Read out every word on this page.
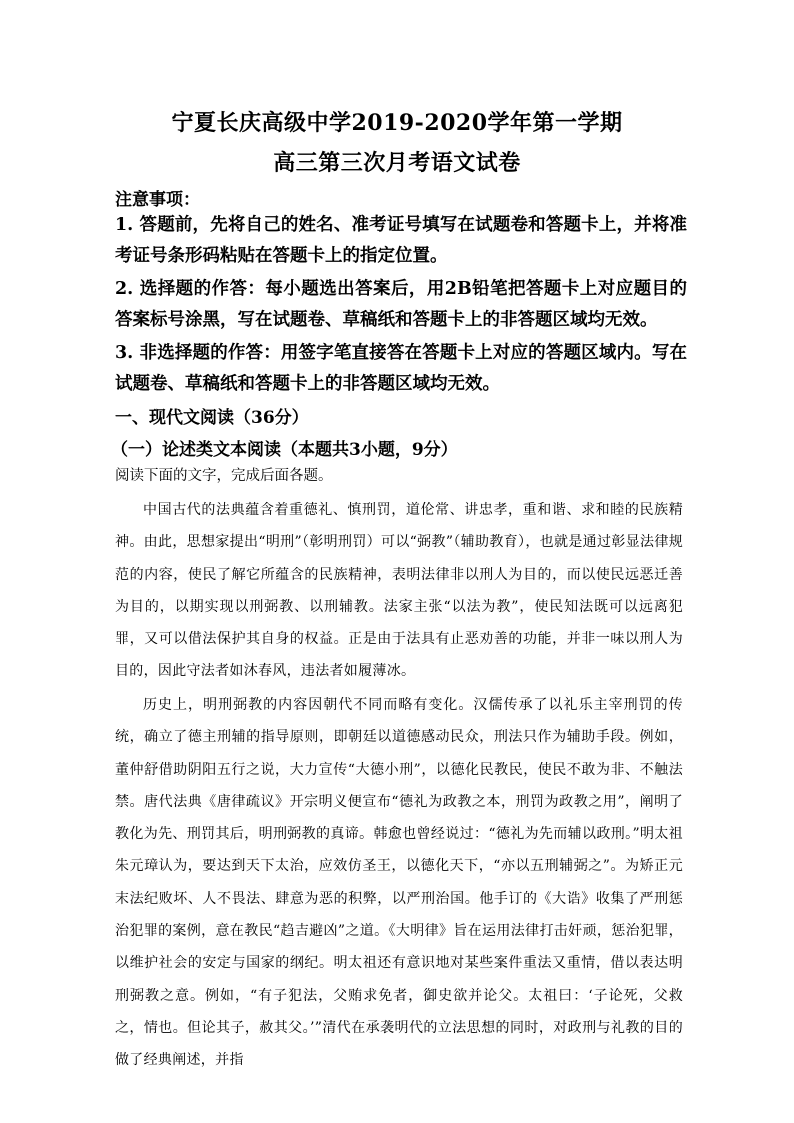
宁夏长庆高级中学2019-2020学年第一学期
高三第三次月考语文试卷
注意事项：
1. 答题前，先将自己的姓名、准考证号填写在试题卷和答题卡上，并将准考证号条形码粘贴在答题卡上的指定位置。
2. 选择题的作答：每小题选出答案后，用2B铅笔把答题卡上对应题目的答案标号涂黑，写在试题卷、草稿纸和答题卡上的非答题区域均无效。
3. 非选择题的作答：用签字笔直接答在答题卡上对应的答题区域内。写在试题卷、草稿纸和答题卡上的非答题区域均无效。
一、现代文阅读（36分）
（一）论述类文本阅读（本题共3小题，9分）
阅读下面的文字，完成后面各题。
中国古代的法典蕴含着重德礼、慎刑罚，道伦常、讲忠孝，重和谐、求和睦的民族精神。由此，思想家提出“明刑”（彰明刑罚）可以“弼教”（辅助教育），也就是通过彰显法律规范的内容，使民了解它所蕴含的民族精神，表明法律非以刑人为目的，而以使民远恶迁善为目的，以期实现以刑弼教、以刑辅教。法家主张“以法为教”，使民知法既可以远离犯罪，又可以借法保护其自身的权益。正是由于法具有止恶劝善的功能，并非一味以刑人为目的，因此守法者如沐春风，违法者如履薄冰。
历史上，明刑弼教的内容因朝代不同而略有变化。汉儒传承了以礼乐主宰刑罚的传统，确立了德主刑辅的指导原则，即朝廷以道德感动民众，刑法只作为辅助手段。例如，董仲舒借助阴阳五行之说，大力宣传“大德小刑”，以德化民教民，使民不敢为非、不触法禁。唐代法典《唐律疏议》开宗明义便宣布“德礼为政教之本，刑罚为政教之用”，阐明了教化为先、刑罚其后，明刑弼教的真谛。韩愈也曾经说过：“德礼为先而辅以政刑。”明太祖朱元璋认为，要达到天下太治，应效仿圣王，以德化天下，“亦以五刑辅弼之”。为矫正元末法纪败坏、人不畏法、肆意为恶的积弊，以严刑治国。他手订的《大诰》收集了严刑惩治犯罪的案例，意在教民“趋吉避凶”之道。《大明律》旨在运用法律打击奸顽，惩治犯罪，以维护社会的安定与国家的纲纪。明太祖还有意识地对某些案件重法又重情，借以表达明刑弼教之意。例如，“有子犯法，父贿求免者，御史欲并论父。太祖曰：‘子论死，父救之，情也。但论其子，赦其父。’”清代在承袭明代的立法思想的同时，对政刑与礼教的目的做了经典阐述，并指
